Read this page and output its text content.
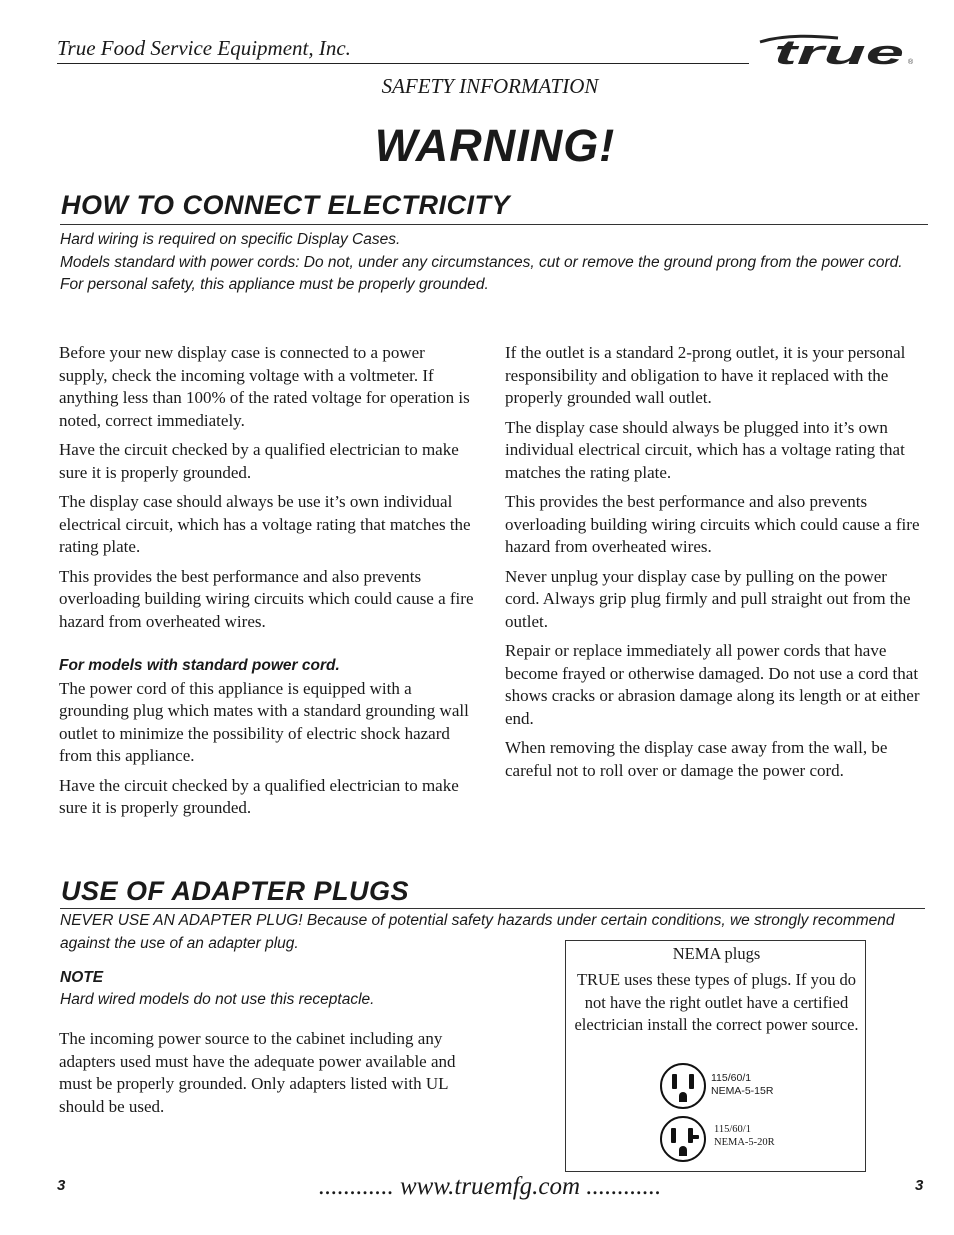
True Food Service Equipment, Inc.	true ®
SAFETY INFORMATION
WARNING!
HOW TO CONNECT ELECTRICITY

Hard wiring is required on specific Display Cases.

Models standard with power cords: Do not, under any circumstances, cut or remove the ground prong from the power cord.

For personal safety, this appliance must be properly grounded.

Before your new display case is connected to a power supply, check the incoming voltage with a voltmeter. If anything less than 100% of the rated voltage for operation is noted, correct immediately.

Have the circuit checked by a qualified electrician to make sure it is properly grounded.

The display case should always be use it’s own individual electrical circuit, which has a voltage rating that matches the rating plate.

This provides the best performance and also prevents overloading building wiring circuits which could cause a fire hazard from overheated wires.

For models with standard power cord.

The power cord of this appliance is equipped with a grounding plug which mates with a standard grounding wall outlet to minimize the possibility of electric shock hazard from this appliance.

Have the circuit checked by a qualified electrician to make sure it is properly grounded.

If the outlet is a standard 2-prong outlet, it is your personal responsibility and obligation to have it replaced with the properly grounded wall outlet.

The display case should always be plugged into it’s own individual electrical circuit, which has a voltage rating that matches the rating plate.

This provides the best performance and also prevents overloading building wiring circuits which could cause a fire hazard from overheated wires.

Never unplug your display case by pulling on the power cord. Always grip plug firmly and pull straight out from the outlet.

Repair or replace immediately all power cords that have become frayed or otherwise damaged. Do not use a cord that shows cracks or abrasion damage along its length or at either end.

When removing the display case away from the wall, be careful not to roll over or damage the power cord.

USE OF ADAPTER PLUGS
NEVER USE AN ADAPTER PLUG! Because of potential safety hazards under certain conditions, we strongly recommend against the use of an adapter plug.
NOTE
Hard wired models do not use this receptacle.
The incoming power source to the cabinet including any adapters used must have the adequate power available and must be properly grounded. Only adapters listed with UL should be used.
NEMA plugs
TRUE uses these types of plugs. If you do not have the right outlet have a certified electrician install the correct power source.
115/60/1
NEMA-5-15R
115/60/1
NEMA-5-20R
3	............ www.truemfg.com ............	3
